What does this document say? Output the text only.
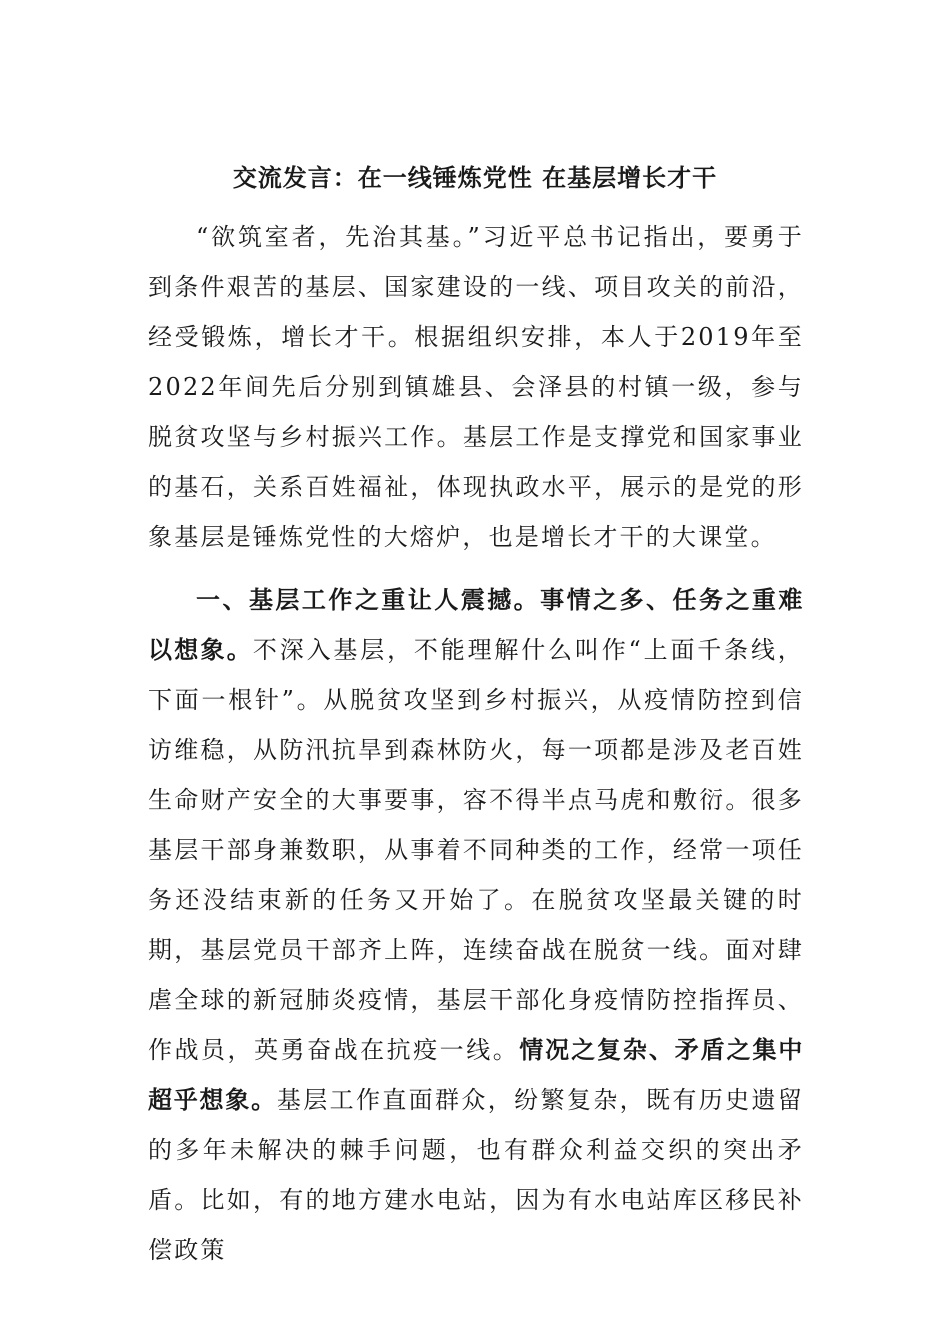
交流发言：在一线锤炼党性 在基层增长才干

“欲筑室者，先治其基。”习近平总书记指出，要勇于到条件艰苦的基层、国家建设的一线、项目攻关的前沿，经受锻炼，增长才干。根据组织安排，本人于2019年至2022年间先后分别到镇雄县、会泽县的村镇一级，参与脱贫攻坚与乡村振兴工作。基层工作是支撑党和国家事业的基石，关系百姓福祉，体现执政水平，展示的是党的形象基层是锤炼党性的大熔炉，也是增长才干的大课堂。

一、基层工作之重让人震撼。事情之多、任务之重难以想象。不深入基层，不能理解什么叫作“上面千条线，下面一根针”。从脱贫攻坚到乡村振兴，从疫情防控到信访维稳，从防汛抗旱到森林防火，每一项都是涉及老百姓生命财产安全的大事要事，容不得半点马虎和敷衍。很多基层干部身兼数职，从事着不同种类的工作，经常一项任务还没结束新的任务又开始了。在脱贫攻坚最关键的时期，基层党员干部齐上阵，连续奋战在脱贫一线。面对肆虐全球的新冠肺炎疫情，基层干部化身疫情防控指挥员、作战员，英勇奋战在抗疫一线。情况之复杂、矛盾之集中超乎想象。基层工作直面群众，纷繁复杂，既有历史遗留的多年未解决的棘手问题，也有群众利益交织的突出矛盾。比如，有的地方建水电站，因为有水电站库区移民补偿政策
